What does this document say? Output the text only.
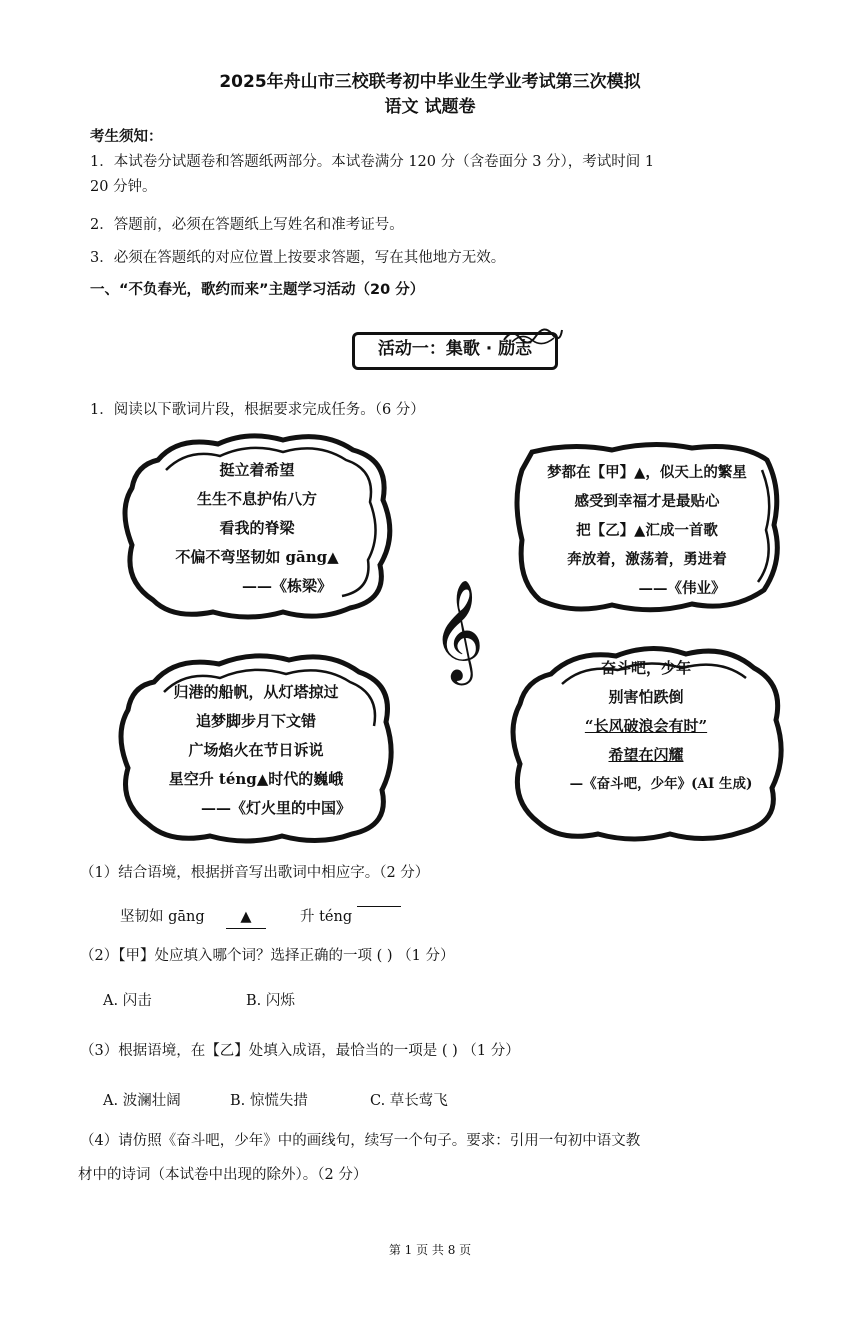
2025年舟山市三校联考初中毕业生学业考试第三次模拟
语文 试题卷
考生须知：
1．本试卷分试题卷和答题纸两部分。本试卷满分 120 分（含卷面分 3 分），考试时间 1
20 分钟。
2．答题前，必须在答题纸上写姓名和准考证号。
3．必须在答题纸的对应位置上按要求答题，写在其他地方无效。
一、“不负春光，歌约而来”主题学习活动（20 分）
活动一：集歌 · 励志
1．阅读以下歌词片段，根据要求完成任务。（6 分）
挺立着希望
生生不息护佑八方
看我的脊梁
不偏不弯坚韧如 gāng▲
——《栋梁》
梦都在【甲】▲，似天上的繁星
感受到幸福才是最贴心
把【乙】▲汇成一首歌
奔放着，激荡着，勇进着
——《伟业》
𝄞
归港的船帆，从灯塔掠过
追梦脚步月下文错
广场焰火在节日诉说
星空升 téng▲时代的巍峨
——《灯火里的中国》
奋斗吧，少年
别害怕跌倒
“长风破浪会有时”
希望在闪耀
—《奋斗吧，少年》(AI 生成)
（1）结合语境，根据拼音写出歌词中相应字。（2 分）
坚韧如 gāng	▲	升 téng
（2）【甲】处应填入哪个词？选择正确的一项 ( ) （1 分）
A. 闪击	B. 闪烁
（3）根据语境，在【乙】处填入成语，最恰当的一项是 ( ) （1 分）
A. 波澜壮阔	B. 惊慌失措	C. 草长莺飞
（4）请仿照《奋斗吧，少年》中的画线句，续写一个句子。要求：引用一句初中语文教
材中的诗词（本试卷中出现的除外）。（2 分）
第 1 页 共 8 页
